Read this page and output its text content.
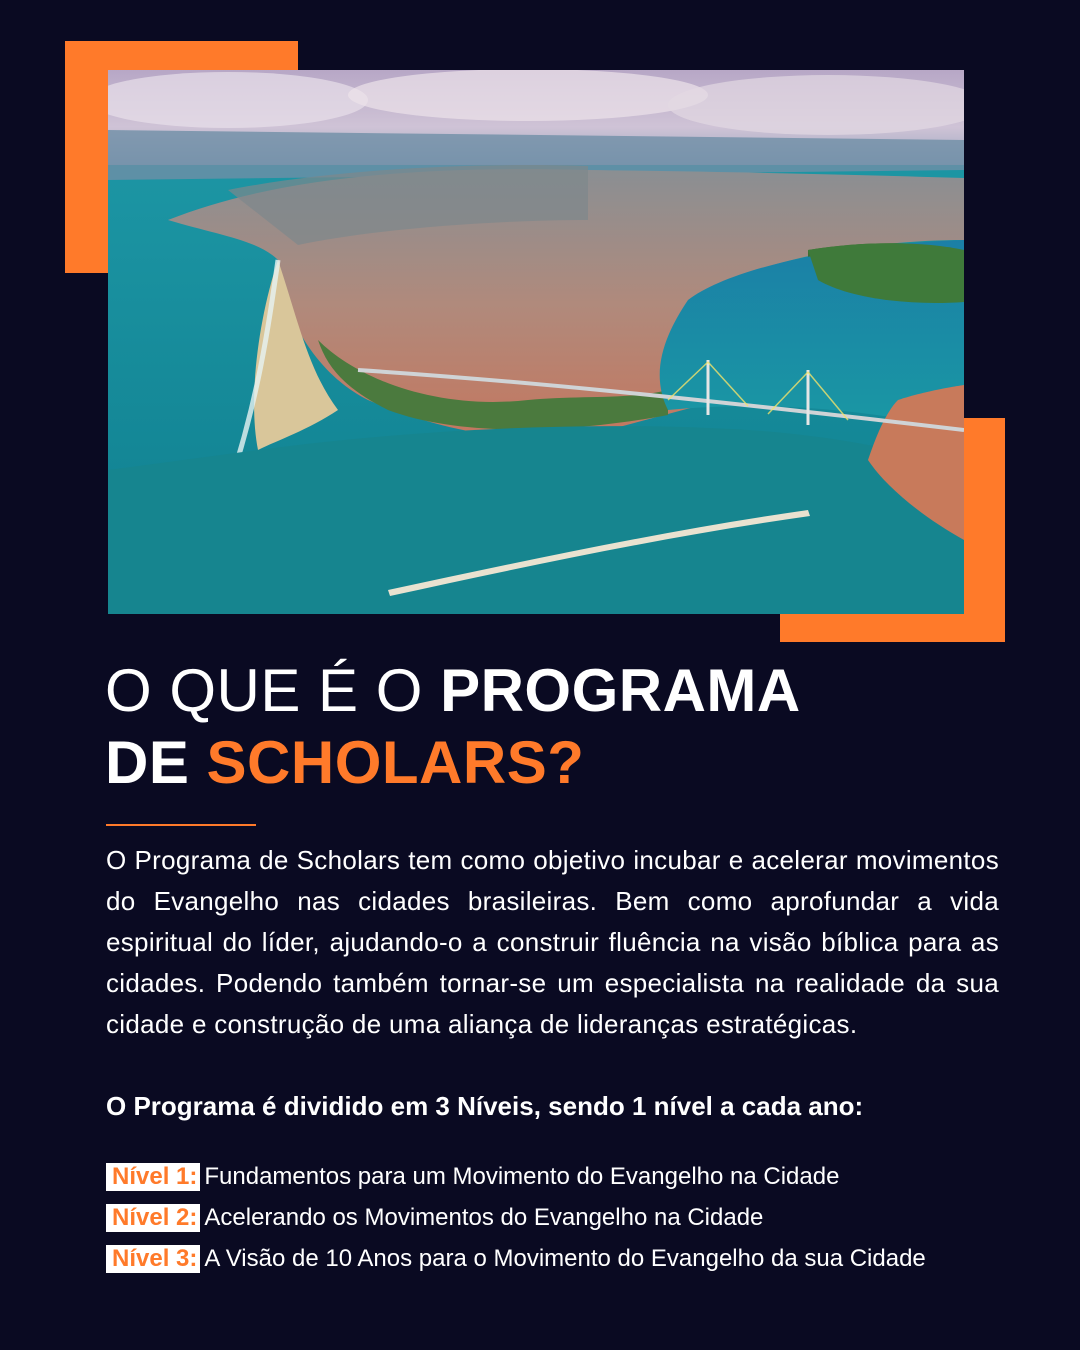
O QUE É O PROGRAMA
DE SCHOLARS?

O Programa de Scholars tem como objetivo incubar e acelerar movimentos do Evangelho nas cidades brasileiras. Bem como aprofundar a vida espiritual do líder, ajudando-o a construir fluência na visão bíblica para as cidades. Podendo também tornar-se um especialista na realidade da sua cidade e construção de uma aliança de lideranças estratégicas.

O Programa é dividido em 3 Níveis, sendo 1 nível a cada ano:

Nível 1: Fundamentos para um Movimento do Evangelho na Cidade
Nível 2: Acelerando os Movimentos do Evangelho na Cidade
Nível 3: A Visão de 10 Anos para o Movimento do Evangelho da sua Cidade
